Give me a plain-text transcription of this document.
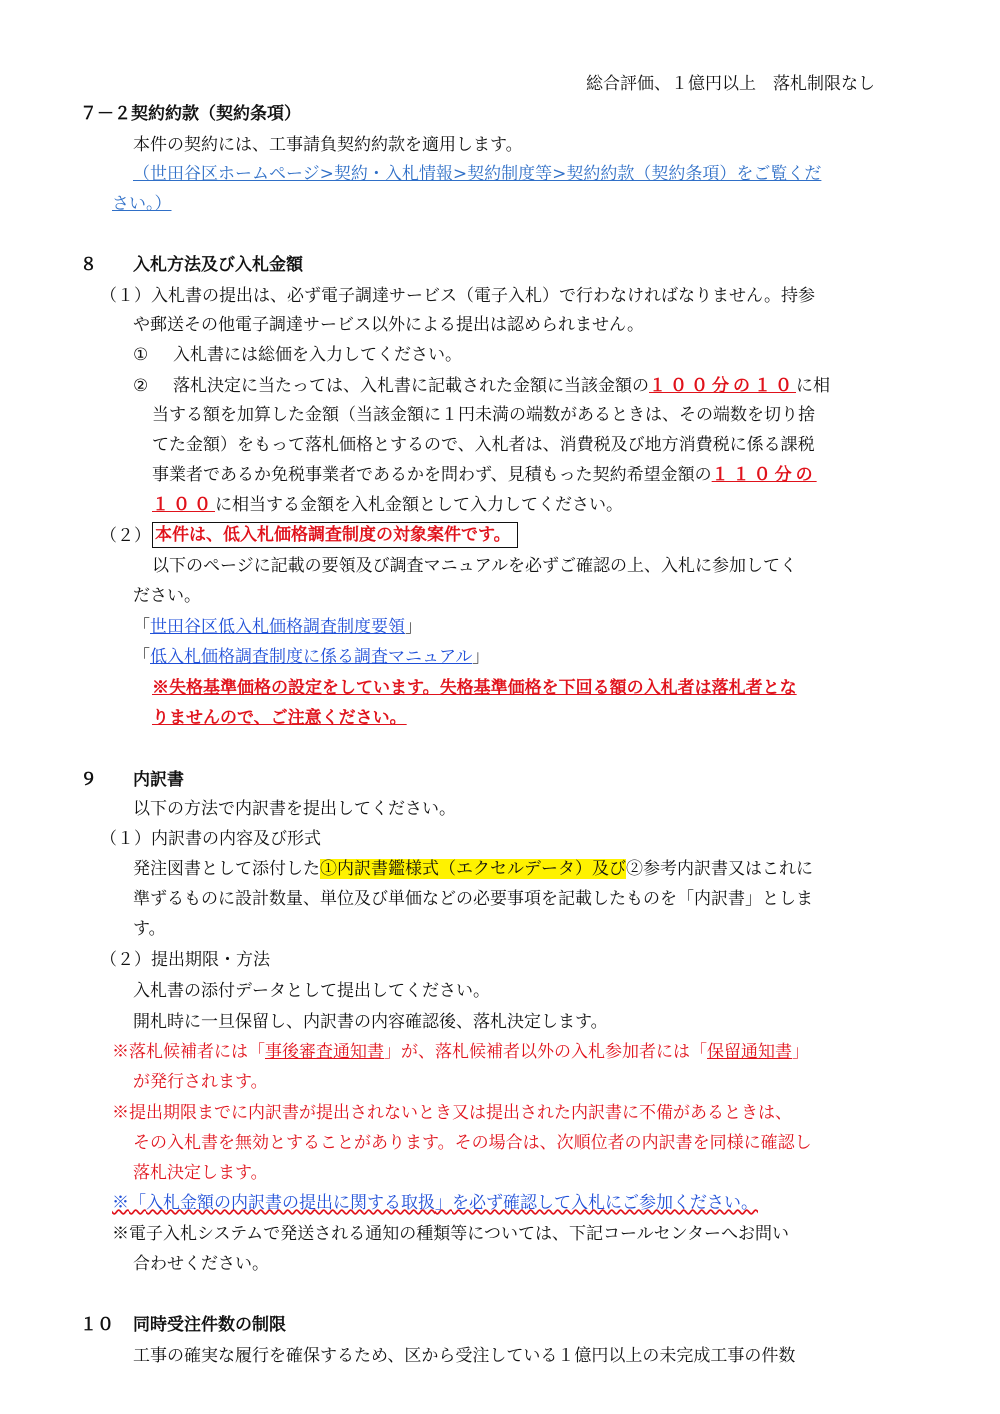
総合評価、１億円以上　落札制限なし
７－２契約約款（契約条項）
本件の契約には、工事請負契約約款を適用します。
（世田谷区ホームページ>契約・入札情報>契約制度等>契約約款（契約条項）をご覧くだ
さい。）
８ 入札方法及び入札金額
（１）入札書の提出は、必ず電子調達サービス（電子入札）で行わなければなりません。持参
や郵送その他電子調達サービス以外による提出は認められません。
① 入札書には総価を入力してください。
② 落札決定に当たっては、入札書に記載された金額に当該金額の１００分の１０に相
当する額を加算した金額（当該金額に１円未満の端数があるときは、その端数を切り捨
てた金額）をもって落札価格とするので、入札者は、消費税及び地方消費税に係る課税
事業者であるか免税事業者であるかを問わず、見積もった契約希望金額の１１０分の
１００に相当する金額を入札金額として入力してください。
（２） 本件は、低入札価格調査制度の対象案件です。
以下のページに記載の要領及び調査マニュアルを必ずご確認の上、入札に参加してく
ださい。
「世田谷区低入札価格調査制度要領」
「低入札価格調査制度に係る調査マニュアル」
※失格基準価格の設定をしています。失格基準価格を下回る額の入札者は落札者とな
りませんので、ご注意ください。
９ 内訳書
以下の方法で内訳書を提出してください。
（１）内訳書の内容及び形式
発注図書として添付した①内訳書鑑様式（エクセルデータ）及び②参考内訳書又はこれに
準ずるものに設計数量、単位及び単価などの必要事項を記載したものを「内訳書」としま
す。
（２）提出期限・方法
入札書の添付データとして提出してください。
開札時に一旦保留し、内訳書の内容確認後、落札決定します。
※落札候補者には「事後審査通知書」が、落札候補者以外の入札参加者には「保留通知書」
が発行されます。
※提出期限までに内訳書が提出されないとき又は提出された内訳書に不備があるときは、
その入札書を無効とすることがあります。その場合は、次順位者の内訳書を同様に確認し
落札決定します。
※「入札金額の内訳書の提出に関する取扱」を必ず確認して入札にご参加ください。
※電子入札システムで発送される通知の種類等については、下記コールセンターへお問い
合わせください。
１０ 同時受注件数の制限
工事の確実な履行を確保するため、区から受注している１億円以上の未完成工事の件数
